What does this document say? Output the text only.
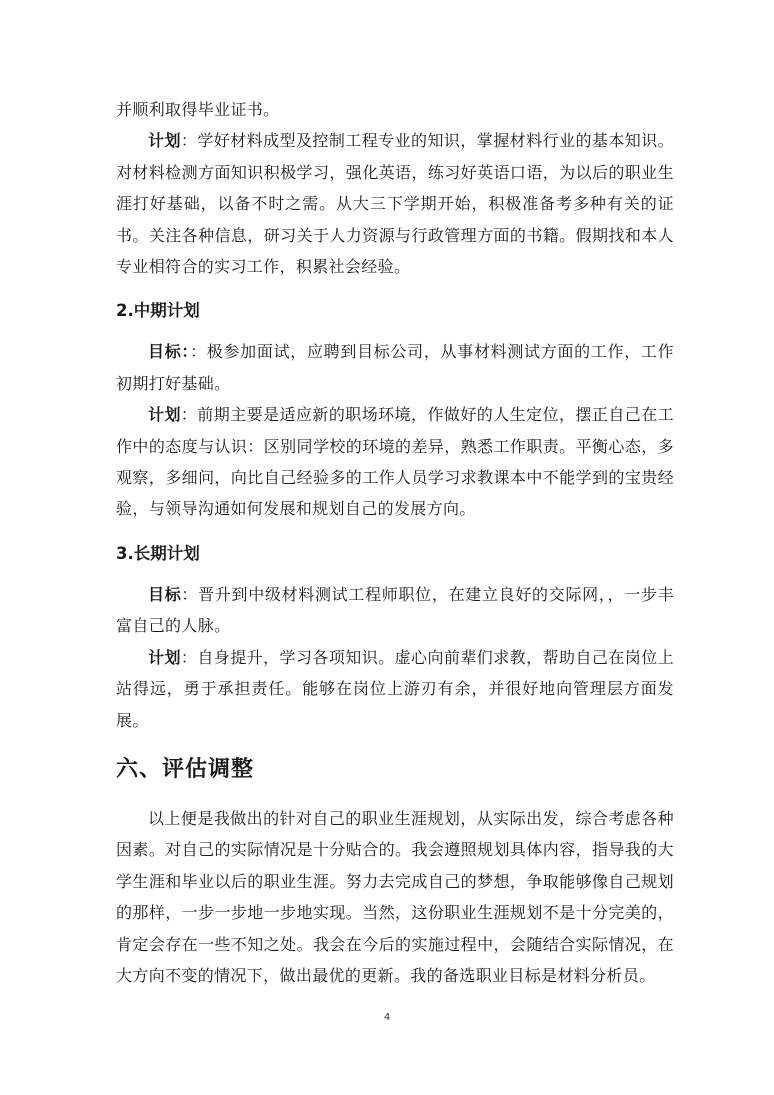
并顺利取得毕业证书。

计划：学好材料成型及控制工程专业的知识，掌握材料行业的基本知识。对材料检测方面知识积极学习，强化英语，练习好英语口语，为以后的职业生涯打好基础，以备不时之需。从大三下学期开始，积极准备考多种有关的证书。关注各种信息，研习关于人力资源与行政管理方面的书籍。假期找和本人专业相符合的实习工作，积累社会经验。

2.中期计划

目标：：极参加面试，应聘到目标公司，从事材料测试方面的工作，工作初期打好基础。

计划：前期主要是适应新的职场环境，作做好的人生定位，摆正自己在工作中的态度与认识：区别同学校的环境的差异，熟悉工作职责。平衡心态，多观察，多细问，向比自己经验多的工作人员学习求教课本中不能学到的宝贵经验，与领导沟通如何发展和规划自己的发展方向。

3.长期计划

目标：晋升到中级材料测试工程师职位，在建立良好的交际网，，一步丰富自己的人脉。

计划：自身提升，学习各项知识。虚心向前辈们求教，帮助自己在岗位上站得远，勇于承担责任。能够在岗位上游刃有余，并很好地向管理层方面发展。

六、评估调整

以上便是我做出的针对自己的职业生涯规划，从实际出发，综合考虑各种因素。对自己的实际情况是十分贴合的。我会遵照规划具体内容，指导我的大学生涯和毕业以后的职业生涯。努力去完成自己的梦想，争取能够像自己规划的那样，一步一步地一步地实现。当然，这份职业生涯规划不是十分完美的，肯定会存在一些不知之处。我会在今后的实施过程中，会随结合实际情况，在大方向不变的情况下，做出最优的更新。我的备选职业目标是材料分析员。

4
